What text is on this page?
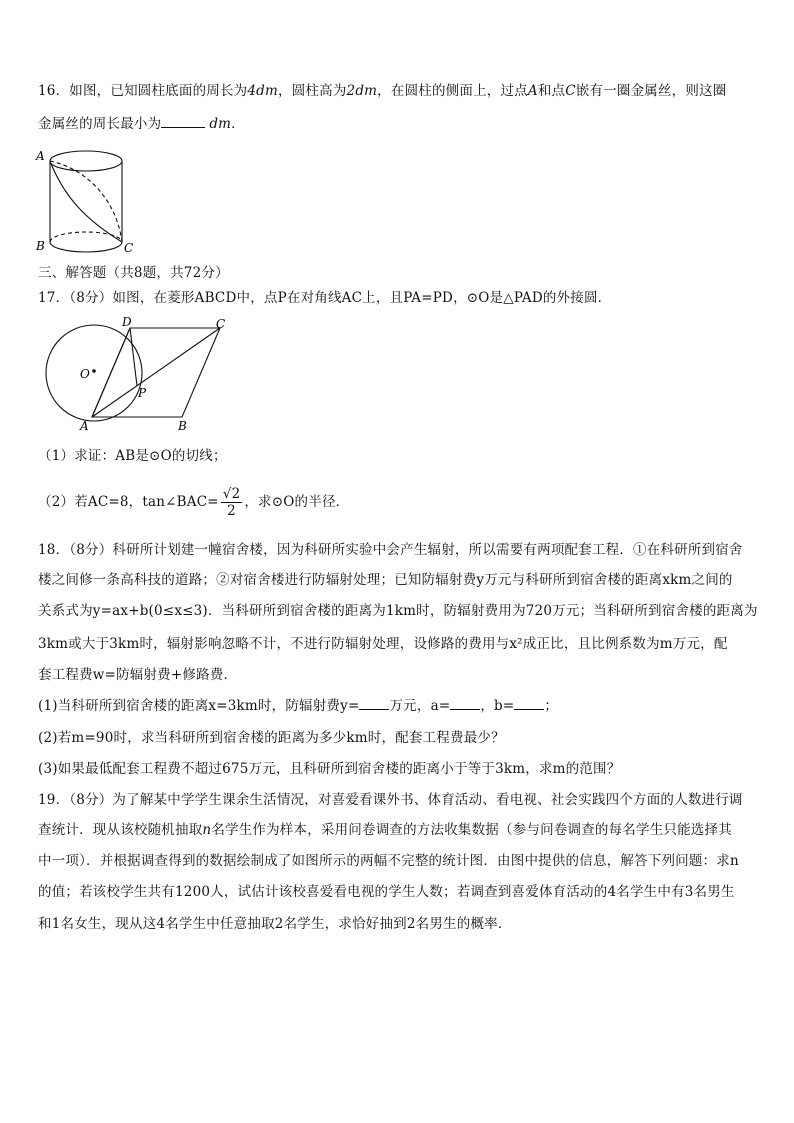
16．如图，已知圆柱底面的周长为4dm，圆柱高为2dm，在圆柱的侧面上，过点A和点C嵌有一圈金属丝，则这圈
金属丝的周长最小为	dm．
A
B	C
三、解答题（共8题，共72分）
17．（8分）如图，在菱形ABCD中，点P在对角线AC上，且PA=PD，⊙O是△PAD的外接圆．
D	C
O
P
A	B
（1）求证：AB是⊙O的切线；
（2）若AC=8，tan∠BAC= $\frac{√2}{2}$ ，求⊙O的半径．
18．（8分）科研所计划建一幢宿舍楼，因为科研所实验中会产生辐射，所以需要有两项配套工程．①在科研所到宿舍
楼之间修一条高科技的道路；②对宿舍楼进行防辐射处理；已知防辐射费y万元与科研所到宿舍楼的距离xkm之间的
关系式为y=ax+b(0≤x≤3)．当科研所到宿舍楼的距离为1km时，防辐射费用为720万元；当科研所到宿舍楼的距离为
3km或大于3km时，辐射影响忽略不计，不进行防辐射处理，设修路的费用与x²成正比，且比例系数为m万元，配
套工程费w=防辐射费+修路费．
(1)当科研所到宿舍楼的距离x=3km时，防辐射费y= 万元，a= ，b= ；
(2)若m=90时，求当科研所到宿舍楼的距离为多少km时，配套工程费最少？
(3)如果最低配套工程费不超过675万元，且科研所到宿舍楼的距离小于等于3km，求m的范围？
19．（8分）为了解某中学学生课余生活情况，对喜爱看课外书、体育活动、看电视、社会实践四个方面的人数进行调
查统计．现从该校随机抽取n名学生作为样本，采用问卷调查的方法收集数据（参与问卷调查的每名学生只能选择其
中一项）．并根据调查得到的数据绘制成了如图所示的两幅不完整的统计图．由图中提供的信息，解答下列问题：求n
的值；若该校学生共有1200人，试估计该校喜爱看电视的学生人数；若调查到喜爱体育活动的4名学生中有3名男生
和1名女生，现从这4名学生中任意抽取2名学生，求恰好抽到2名男生的概率．
